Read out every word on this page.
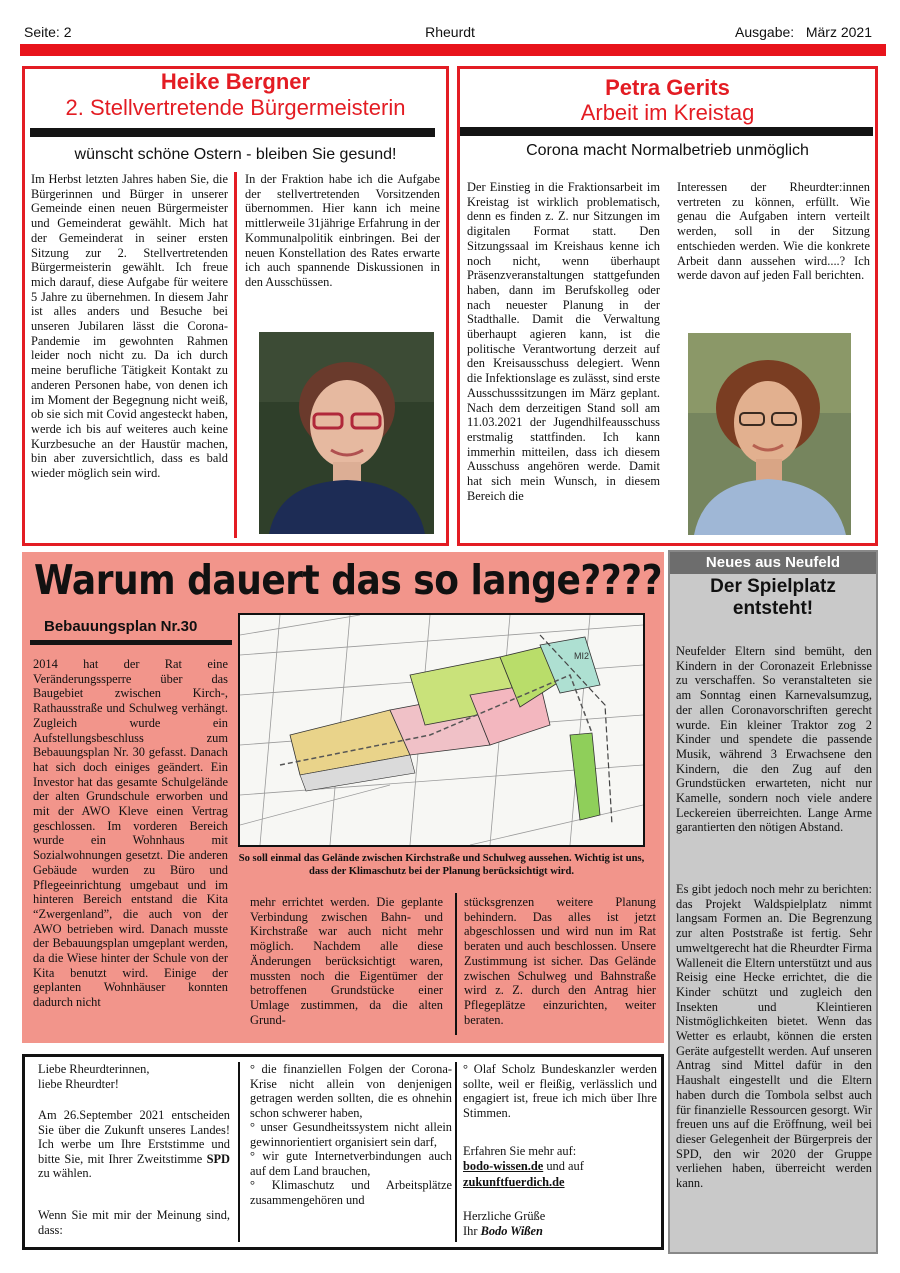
Seite: 2	Rheurdt	Ausgabe:   März 2021
Heike Bergner
2. Stellvertretende Bürgermeisterin
wünscht schöne Ostern - bleiben Sie gesund!
Im Herbst letzten Jahres haben Sie, die Bürgerinnen und Bürger in unserer Gemeinde einen neuen Bürgermeister und Gemeinderat gewählt. Mich hat der Gemeinderat in seiner ersten Sitzung zur 2. Stellvertretenden Bürgermeisterin gewählt. Ich freue mich darauf, diese Aufgabe für weitere 5 Jahre zu übernehmen. In diesem Jahr ist alles anders und Besuche bei unseren Jubilaren lässt die Corona-Pandemie im gewohnten Rahmen leider noch nicht zu. Da ich durch meine berufliche Tätigkeit Kontakt zu anderen Personen habe, von denen ich im Moment der Begegnung nicht weiß, ob sie sich mit Covid angesteckt haben, werde ich bis auf weiteres auch keine Kurzbesuche an der Haustür machen, bin aber zuversichtlich, dass es bald wieder möglich sein wird.
In der Fraktion habe ich die Aufgabe der stellvertretenden Vorsitzenden übernommen. Hier kann ich meine mittlerweile 31jährige Erfahrung in der Kommunalpolitik einbringen. Bei der neuen Konstellation des Rates erwarte ich auch spannende Diskussionen in den Ausschüssen.
Petra Gerits
Arbeit im Kreistag
Corona macht Normalbetrieb unmöglich
Der Einstieg in die Fraktionsarbeit im Kreistag ist wirklich problematisch, denn es finden z. Z. nur Sitzungen im digitalen Format statt. Den Sitzungssaal im Kreishaus kenne ich noch nicht, wenn überhaupt Präsenzveranstaltungen stattgefunden haben, dann im Berufskolleg oder nach neuester Planung in der Stadthalle. Damit die Verwaltung überhaupt agieren kann, ist die politische Verantwortung derzeit auf den Kreisausschuss delegiert. Wenn die Infektionslage es zulässt, sind erste Ausschusssitzungen im März geplant. Nach dem derzeitigen Stand soll am 11.03.2021 der Jugendhilfeausschuss erstmalig stattfinden. Ich kann immerhin mitteilen, dass ich diesem Ausschuss angehören werde. Damit hat sich mein Wunsch, in diesem Bereich die
Interessen der Rheurdter:innen vertreten zu können, erfüllt. Wie genau die Aufgaben intern verteilt werden, soll in der Sitzung entschieden werden. Wie die konkrete Arbeit dann aussehen wird....? Ich werde davon auf jeden Fall berichten.
Warum dauert das so lange????
Bebauungsplan Nr.30
2014 hat der Rat eine Veränderungssperre über das Baugebiet zwischen Kirch-, Rathausstraße und Schulweg verhängt. Zugleich wurde ein Aufstellungsbeschluss zum Bebauungsplan Nr. 30 gefasst. Danach hat sich doch einiges geändert. Ein Investor hat das gesamte Schulgelände der alten Grundschule erworben und mit der AWO Kleve einen Vertrag geschlossen. Im vorderen Bereich wurde ein Wohnhaus mit Sozialwohnungen gesetzt. Die anderen Gebäude wurden zu Büro und Pflegeeinrichtung umgebaut und im hinteren Bereich entstand die Kita “Zwergenland”, die auch von der AWO betrieben wird. Danach musste der Bebauungsplan umgeplant werden, da die Wiese hinter der Schule von der Kita benutzt wird. Einige der geplanten Wohnhäuser konnten dadurch nicht
mehr errichtet werden. Die geplante Verbindung zwischen Bahn- und Kirchstraße war auch nicht mehr möglich. Nachdem alle diese Änderungen berücksichtigt waren, mussten noch die Eigentümer der betroffenen Grundstücke einer Umlage zustimmen, da die alten Grund-
stücksgrenzen weitere Planung behindern. Das alles ist jetzt abgeschlossen und wird nun im Rat beraten und auch beschlossen. Unsere Zustimmung ist sicher. Das Gelände zwischen Schulweg und Bahnstraße wird z. Z. durch den Antrag hier Pflegeplätze einzurichten, weiter beraten.
MI2
So soll einmal das Gelände zwischen Kirchstraße und Schulweg aussehen. Wichtig ist uns, dass der Klimaschutz bei der Planung berücksichtigt wird.
Neues aus Neufeld
Der Spielplatz entsteht!
Neufelder Eltern sind bemüht, den Kindern in der Coronazeit Erlebnisse zu verschaffen. So veranstalteten sie am Sonntag einen Karnevalsumzug, der allen Coronavorschriften gerecht wurde. Ein kleiner Traktor zog 2 Kinder und spendete die passende Musik, während 3 Erwachsene den Kindern, die den Zug auf den Grundstücken erwarteten, nicht nur Kamelle, sondern noch viele andere Leckereien überreichten. Lange Arme garantierten den nötigen Abstand.
Es gibt jedoch noch mehr zu berichten: das Projekt Waldspielplatz nimmt langsam Formen an. Die Begrenzung zur alten Poststraße ist fertig. Sehr umweltgerecht hat die Rheurdter Firma Walleneit die Eltern unterstützt und aus Reisig eine Hecke errichtet, die die Kinder schützt und zugleich den Insekten und Kleintieren Nistmöglichkeiten bietet. Wenn das Wetter es erlaubt, können die ersten Geräte aufgestellt werden. Auf unseren Antrag sind Mittel dafür in den Haushalt eingestellt und die Eltern haben durch die Tombola selbst auch für finanzielle Ressourcen gesorgt. Wir freuen uns auf die Eröffnung, weil bei dieser Gelegenheit der Bürgerpreis der SPD, den wir 2020 der Gruppe verliehen haben, überreicht werden kann.
Liebe Rheurdterinnen,
liebe Rheurdter!
Am 26.September 2021 entscheiden Sie über die Zukunft unseres Landes! Ich werbe um Ihre Erststimme und bitte Sie, mit Ihrer Zweitstimme SPD zu wählen.
Wenn Sie mit mir der Meinung sind, dass:
° die finanziellen Folgen der Corona-Krise nicht allein von denjenigen getragen werden sollten, die es ohnehin schon schwerer haben,
° unser Gesundheitssystem nicht allein gewinnorientiert organisiert sein darf,
° wir gute Internetverbindungen auch auf dem Land brauchen,
° Klimaschutz und Arbeitsplätze zusammengehören und
° Olaf Scholz Bundeskanzler werden sollte, weil er fleißig, verlässlich und engagiert ist, freue ich mich über Ihre Stimmen.
Erfahren Sie mehr auf:
bodo-wissen.de und auf
zukunftfuerdich.de
Herzliche Grüße
Ihr Bodo Wißen
